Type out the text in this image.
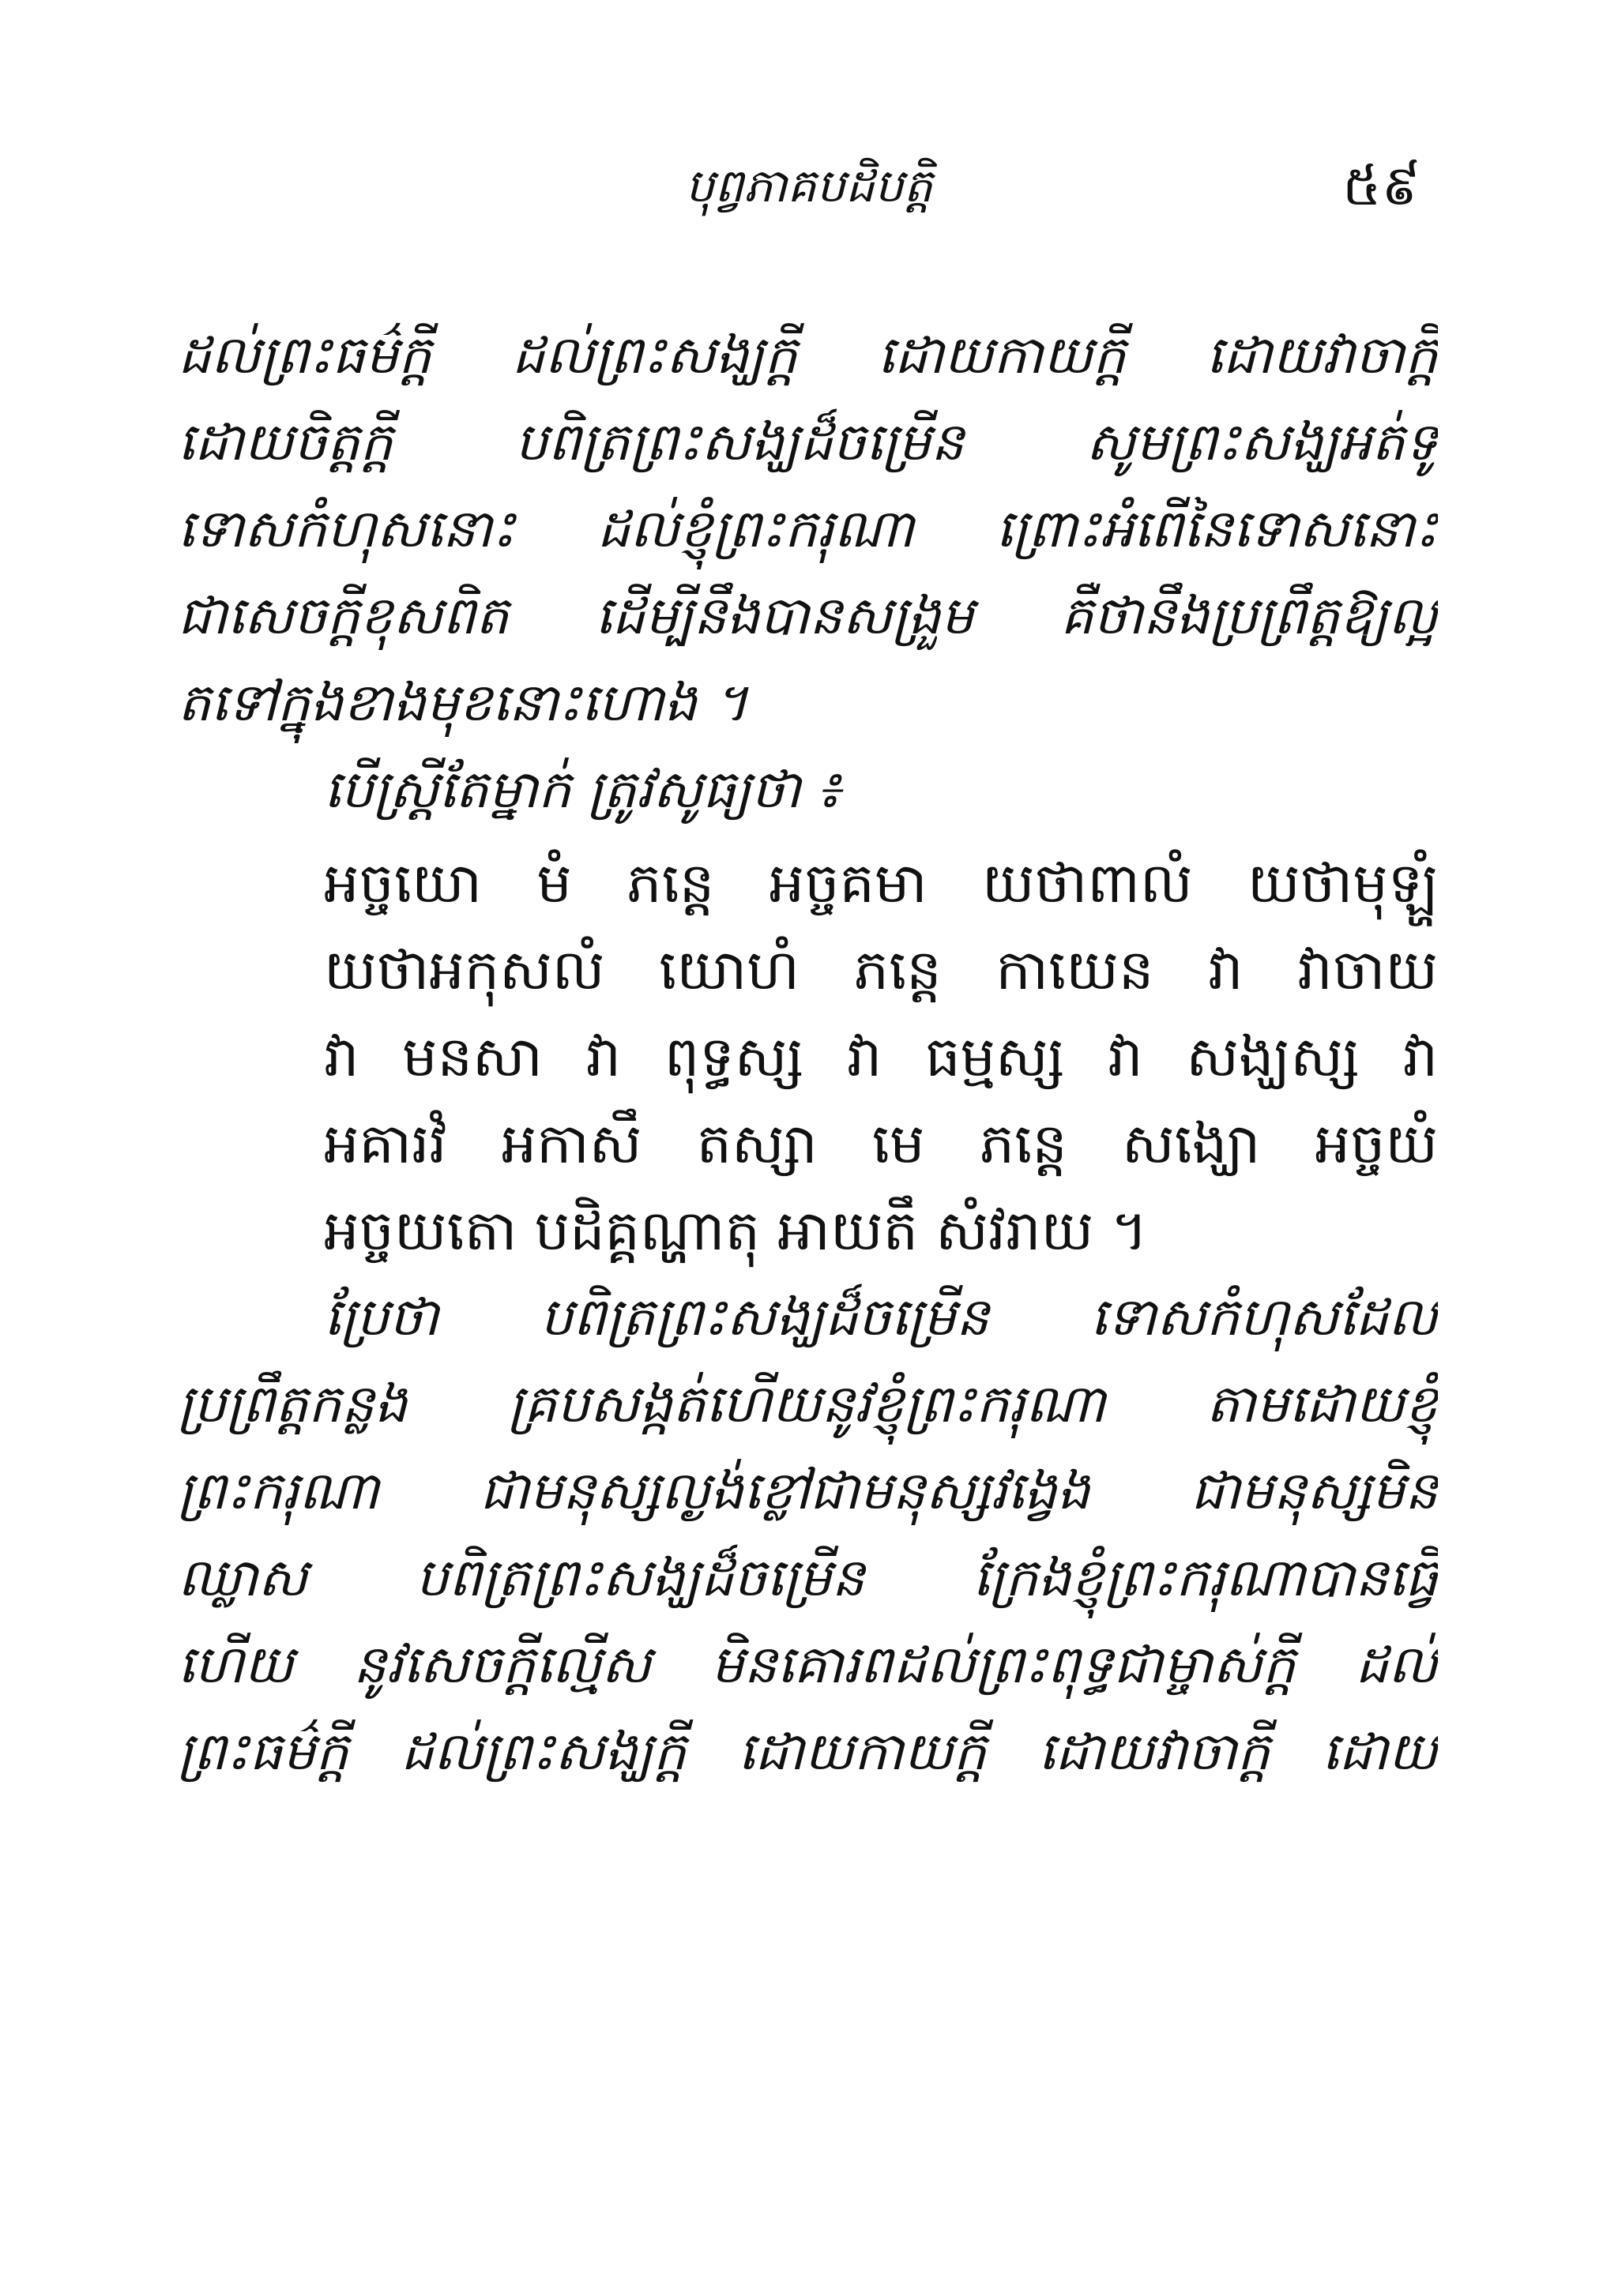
បុព្វភាគបដិបត្តិ	៥៩
ដល់ព្រះធម៌ក្តី ដល់ព្រះសង្ឃក្តី ដោយកាយក្តី ដោយវាចាក្តី
ដោយចិត្តក្តី បពិត្រព្រះសង្ឃដ៏ចម្រើន សូមព្រះសង្ឃអត់ទូ
ទោសកំហុសនោះ ដល់ខ្ញុំព្រះករុណា ព្រោះអំពើនៃទោសនោះ
ជាសេចក្តីខុសពិត ដើម្បីនឹងបានសង្រួម គឺថានឹងប្រព្រឹត្តឱ្យល្អ
តទៅក្នុងខាងមុខនោះហោង ។
បើស្ត្រីតែម្នាក់ ត្រូវសូធ្យថា ៖
អច្ចយោ មំ ភន្តេ អច្ចគមា យថាពាលំ យថាមុឡ្ហំ
យថាអកុសលំ យោហំ ភន្តេ កាយេន វា វាចាយ
វា មនសា វា ពុទ្ធស្ស វា ធម្មស្ស វា សង្ឃស្ស វា
អគារវំ អកាសឹ តស្សា មេ ភន្តេ សង្ឃោ អច្ចយំ
អច្ចយតោ បដិគ្គណ្ហាតុ អាយតឹ សំវរាយ ។
ប្រែថា បពិត្រព្រះសង្ឃដ៏ចម្រើន ទោសកំហុសដែល
ប្រព្រឹត្តកន្លង គ្របសង្កត់ហើយនូវខ្ញុំព្រះករុណា តាមដោយខ្ញុំ
ព្រះករុណា ជាមនុស្សល្ងង់ខ្លៅជាមនុស្សវង្វេង ជាមនុស្សមិន
ឈ្លាស បពិត្រព្រះសង្ឃដ៏ចម្រើន ក្រែងខ្ញុំព្រះករុណាបានធ្វើ
ហើយ នូវសេចក្តីល្មើស មិនគោរពដល់ព្រះពុទ្ធជាម្ចាស់ក្តី ដល់
ព្រះធម៌ក្តី ដល់ព្រះសង្ឃក្តី ដោយកាយក្តី ដោយវាចាក្តី ដោយ
